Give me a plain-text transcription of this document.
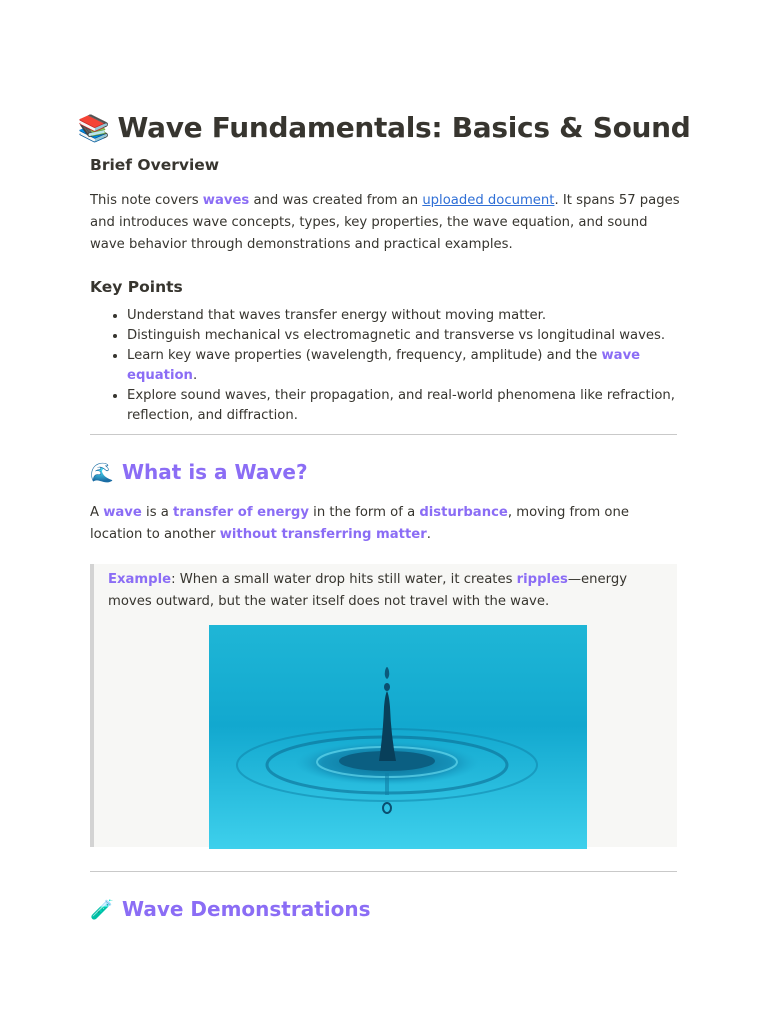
📚 Wave Fundamentals: Basics & Sound
Brief Overview

This note covers waves and was created from an uploaded document. It spans 57 pages and introduces wave concepts, types, key properties, the wave equation, and sound wave behavior through demonstrations and practical examples.

Key Points
• Understand that waves transfer energy without moving matter.
• Distinguish mechanical vs electromagnetic and transverse vs longitudinal waves.
• Learn key wave properties (wavelength, frequency, amplitude) and the wave equation.
• Explore sound waves, their propagation, and real-world phenomena like refraction, reflection, and diffraction.
🌊 What is a Wave?

A wave is a transfer of energy in the form of a disturbance, moving from one location to another without transferring matter.

Example: When a small water drop hits still water, it creates ripples—energy moves outward, but the water itself does not travel with the wave.

🧪 Wave Demonstrations
